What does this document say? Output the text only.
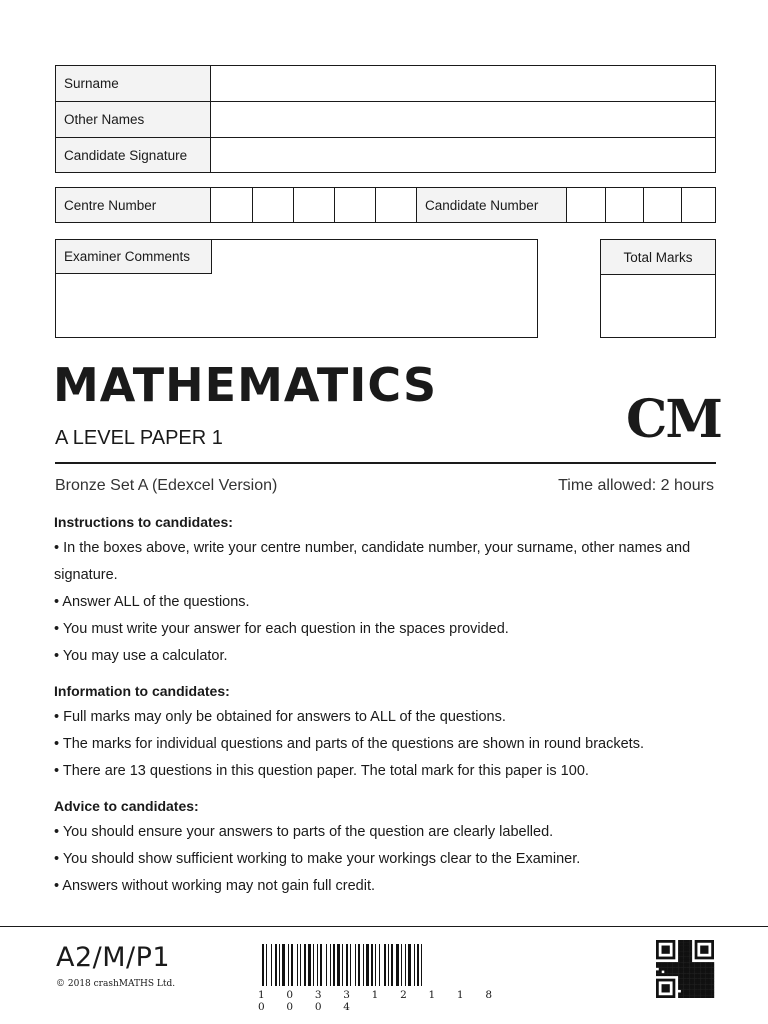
Surname
Other Names
Candidate Signature
Centre Number	Candidate Number
Examiner Comments	Total Marks
MATHEMATICS
A LEVEL PAPER 1	CM
Bronze Set A (Edexcel Version)	Time allowed: 2 hours
Instructions to candidates:
• In the boxes above, write your centre number, candidate number, your surname, other names and signature.
• Answer ALL of the questions.
• You must write your answer for each question in the spaces provided.
• You may use a calculator.
Information to candidates:
• Full marks may only be obtained for answers to ALL of the questions.
• The marks for individual questions and parts of the questions are shown in round brackets.
• There are 13 questions in this question paper. The total mark for this paper is 100.
Advice to candidates:
• You should ensure your answers to parts of the question are clearly labelled.
• You should show sufficient working to make your workings clear to the Examiner.
• Answers without working may not gain full credit.
A2/M/P1
© 2018 crashMATHS Ltd.
1 0 3 3 1 2 1 1 8 0 0 0 4
